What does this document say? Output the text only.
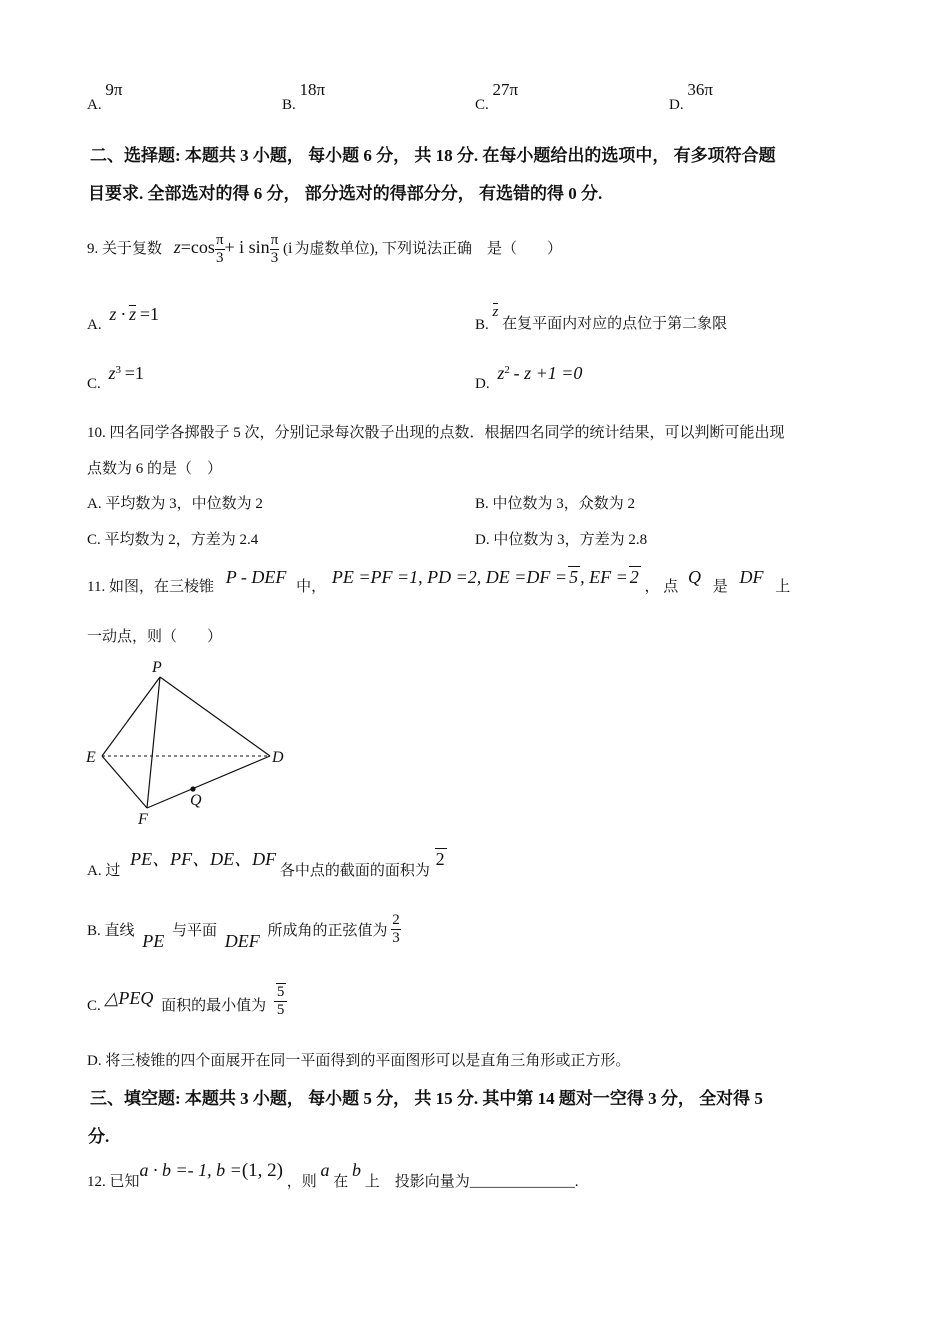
A. 9π
B. 18π
C. 27π
D. 36π
二、选择题: 本题共 3 小题， 每小题 6 分， 共 18 分. 在每小题给出的选项中， 有多项符合题
目要求. 全部选对的得 6 分， 部分选对的得部分分， 有选错的得 0 分.
9. 关于复数 $z=\cos \frac{\pi}{3} + i$ $\sin \frac{\pi}{3} (i$ 为虚数单位), 下列说法正确　是（　　）
A. z · z =1
B. z 在复平面内对应的点位于第二象限
C. $z^3 =1$
D. $z^2 - z +1 =0$
10. 四名同学各掷骰子 5 次，分别记录每次骰子出现的点数．根据四名同学的统计结果，可以判断可能出现
点数为 6 的是（　）
A. 平均数为 3，中位数为 2	B. 中位数为 3，众数为 2
C. 平均数为 2，方差为 2.4	D. 中位数为 3，方差为 2.8
11. 如图，在三棱锥 P - DEF 中， PE =PF =1, PD =2, DE =DF = 5 , EF = 2 ， 点 Q 是 DF 上
一动点，则（　　）
P
E	D
F
Q
A. 过 PE、PF、DE、DF 各中点的截面的面积为 2
B. 直线 PE 与平面 DEF 所成角的正弦值为 $\frac{2}{3}$
C. △PEQ 面积的最小值为 $\frac{5}{5}$
D. 将三棱锥的四个面展开在同一平面得到的平面图形可以是直角三角形或正方形。
三、填空题: 本题共 3 小题， 每小题 5 分， 共 15 分. 其中第 14 题对一空得 3 分， 全对得 5
分.
12. 已知a · b =- 1, b =(1, 2) ，则 a 在 b 上　投影向量为______________.
